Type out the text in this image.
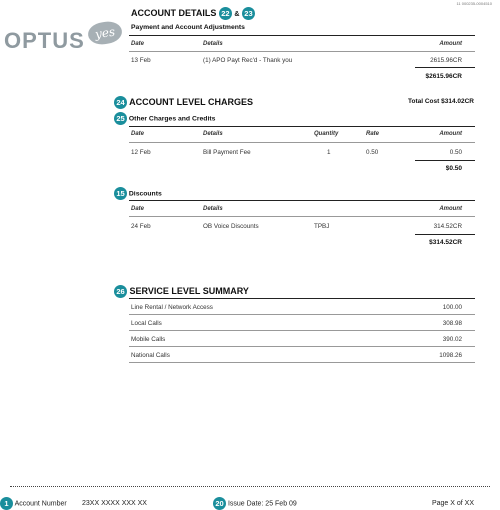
11 000235-0004510
OPTUS yes
ACCOUNT DETAILS 22 & 23
Payment and Account Adjustments
Date	Details	Amount
13 Feb	(1) APO Payt Rec'd - Thank you	2615.96CR
$2615.96CR
24 ACCOUNT LEVEL CHARGES	Total Cost $314.02CR
25 Other Charges and Credits
Date	Details	Quantity	Rate	Amount
12 Feb	Bill Payment Fee	1	0.50	0.50
$0.50
15 Discounts
Date	Details	Amount
24 Feb	OB Voice Discounts	TPBJ	314.52CR
$314.52CR
26 SERVICE LEVEL SUMMARY
Line Rental / Network Access	100.00
Local Calls	308.98
Mobile Calls	390.02
National Calls	1098.26
1 Account Number 23XX XXXX XXX XX	20 Issue Date: 25 Feb 09	Page X of XX
